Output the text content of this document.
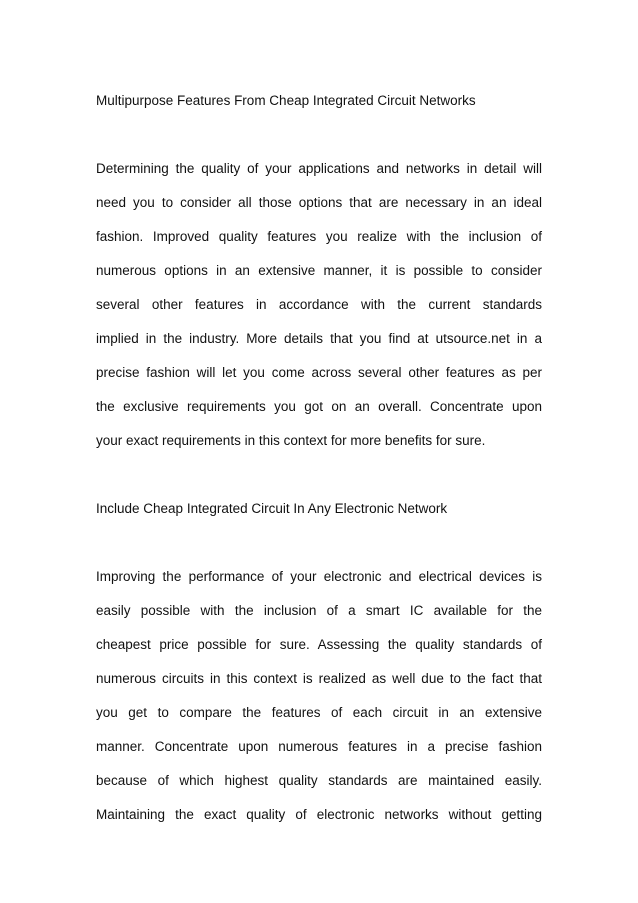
Multipurpose Features From Cheap Integrated Circuit Networks

Determining the quality of your applications and networks in detail will
need you to consider all those options that are necessary in an ideal
fashion. Improved quality features you realize with the inclusion of
numerous options in an extensive manner, it is possible to consider
several other features in accordance with the current standards
implied in the industry. More details that you find at utsource.net in a
precise fashion will let you come across several other features as per
the exclusive requirements you got on an overall. Concentrate upon
your exact requirements in this context for more benefits for sure.

Include Cheap Integrated Circuit In Any Electronic Network

Improving the performance of your electronic and electrical devices is
easily possible with the inclusion of a smart IC available for the
cheapest price possible for sure. Assessing the quality standards of
numerous circuits in this context is realized as well due to the fact that
you get to compare the features of each circuit in an extensive
manner. Concentrate upon numerous features in a precise fashion
because of which highest quality standards are maintained easily.
Maintaining the exact quality of electronic networks without getting
